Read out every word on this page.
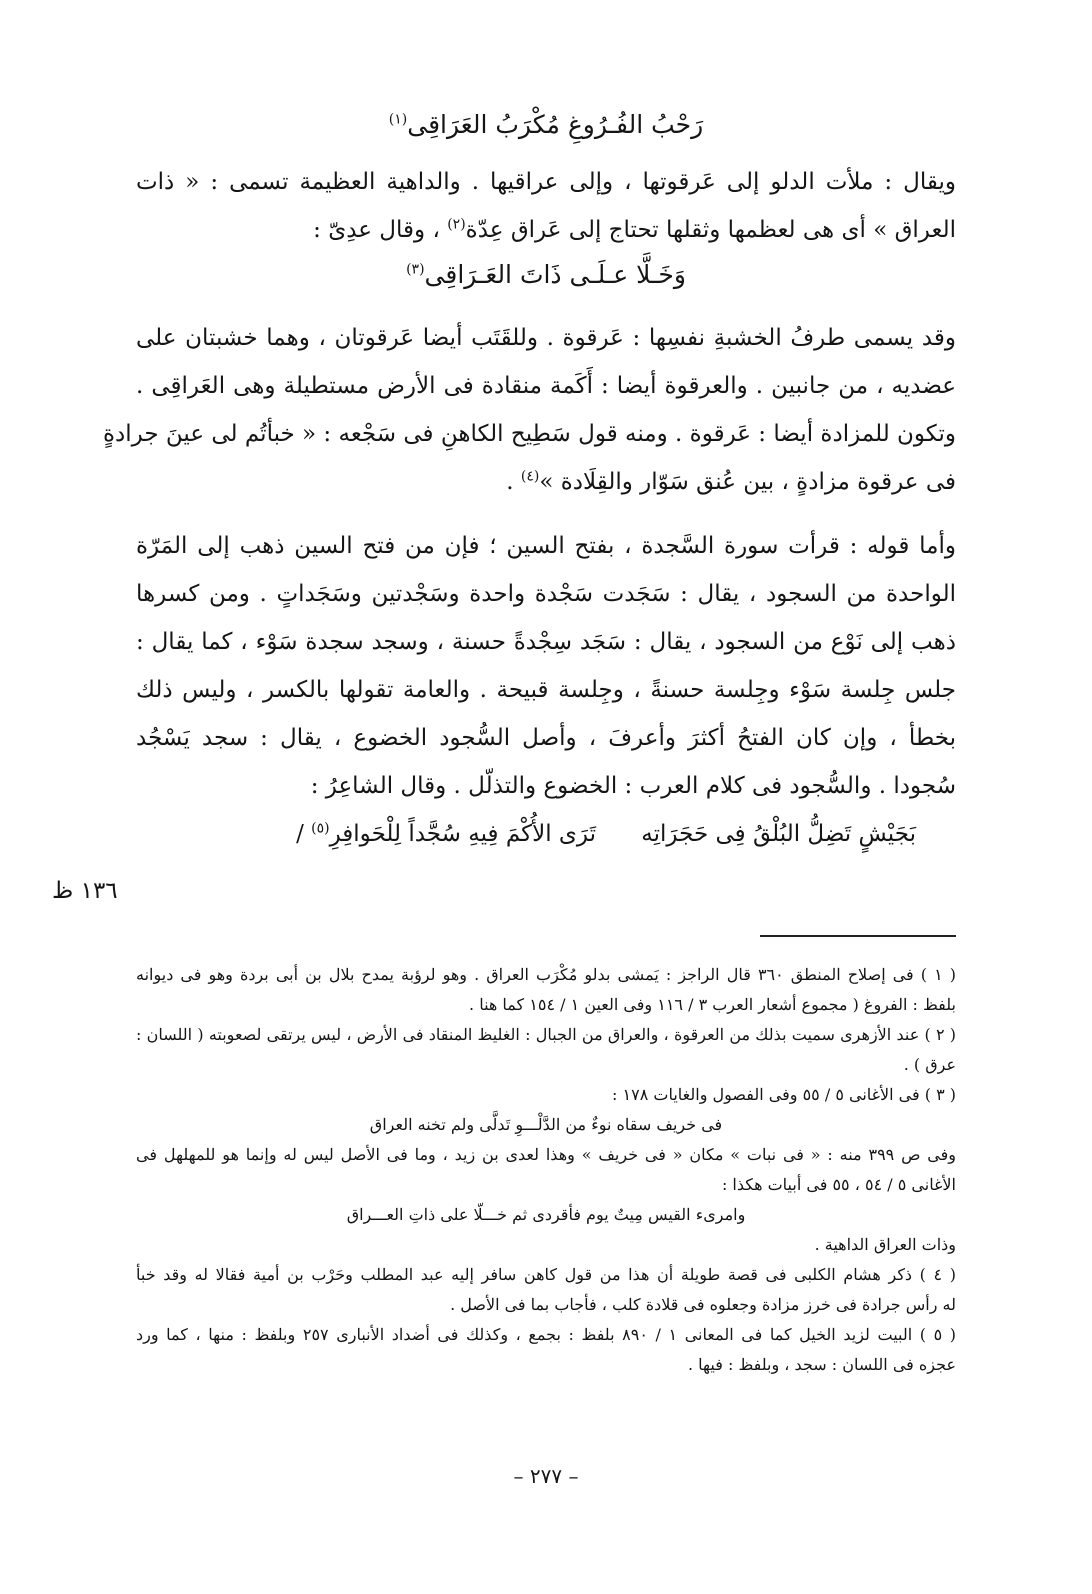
رَحْبُ الفُـرُوغِ مُكْرَبُ العَرَاقِى$^{(١)}$

ويقال : ملأت الدلو إلى عَرقوتها ، وإلى عراقيها . والداهية العظيمة تسمى : « ذات
العراق » أى هى لعظمها وثقلها تحتاج إلى عَراق عِدّة$^{(٢)}$ ، وقال عدِىّ :

وَخَـلَّا عـلَـى ذَاتَ العَـرَاقِى$^{(٣)}$

وقد يسمى طرفُ الخشبةِ نفسِها : عَرقوة . وللقَتَب أيضا عَرقوتان ، وهما خشبتان على
عضديه ، من جانبين . والعرقوة أيضا : أَكَمة منقادة فى الأرض مستطيلة وهى العَراقِى .
وتكون للمزادة أيضا : عَرقوة . ومنه قول سَطِيح الكاهنِ فى سَجْعه : « خبأتُم لى عينَ جرادةٍ
فى عرقوة مزادةٍ ، بين عُنق سَوّار والقِلَادة »$^{(٤)}$ .

وأما قوله : قرأت سورة السَّجدة ، بفتح السين ؛ فإن من فتح السين ذهب إلى المَرّة
الواحدة من السجود ، يقال : سَجَدت سَجْدة واحدة وسَجْدتين وسَجَداتٍ . ومن كسرها
ذهب إلى نَوْع من السجود ، يقال : سَجَد سِجْدةً حسنة ، وسجد سجدة سَوْء ، كما يقال :
جلس جِلسة سَوْء وجِلسة حسنةً ، وجِلسة قبيحة . والعامة تقولها بالكسر ، وليس ذلك
بخطأ ، وإن كان الفتحُ أكثرَ وأعرفَ ، وأصل السُّجود الخضوع ، يقال : سجد يَسْجُد
سُجودا . والسُّجود فى كلام العرب : الخضوع والتذلّل . وقال الشاعِرُ :

بَجَيْشٍ تَضِلُّ البُلْقُ فِى حَجَرَاتِه
تَرَى الأُكْمَ فِيهِ سُجَّداً لِلْحَوافِرِ$^{(٥)}$ /
١٣٦ ظ
( ١ ) فى إصلاح المنطق ٣٦٠ قال الراجز : يَمشى بدلو مُكْرَب العراق . وهو لرؤبة يمدح بلال بن أبى بردة وهو فى ديوانه
بلفظ : الفروغ ( مجموع أشعار العرب ٣ / ١١٦ وفى العين ١ / ١٥٤ كما هنا .
( ٢ ) عند الأزهرى سميت بذلك من العرقوة ، والعراق من الجبال : الغليظ المنقاد فى الأرض ، ليس يرتقى لصعوبته ( اللسان :
عرق ) .
( ٣ ) فى الأغانى ٥ / ٥٥ وفى الفصول والغايات ١٧٨ :
فى خريف سقاه نوءٌ من الدَّلْـــوِ تَدلَّى ولم تخنه العراق
وفى ص ٣٩٩ منه : « فى نبات » مكان « فى خريف » وهذا لعدى بن زيد ، وما فى الأصل ليس له وإنما هو للمهلهل فى
الأغانى ٥ / ٥٤ ، ٥٥ فى أبيات هكذا :
وامرىء القيس مِيتٌ يوم فأقردى ثم خـــلّا على ذاتِ العـــراق
وذات العراق الداهية .
( ٤ ) ذكر هشام الكلبى فى قصة طويلة أن هذا من قول كاهن سافر إليه عبد المطلب وحَرْب بن أمية فقالا له وقد خبأ
له رأس جرادة فى خرز مزادة وجعلوه فى قلادة كلب ، فأجاب بما فى الأصل .
( ٥ ) البيت لزيد الخيل كما فى المعانى ١ / ٨٩٠ بلفظ : بجمع ، وكذلك فى أضداد الأنبارى ٢٥٧ وبلفظ : منها ، كما ورد
عجزه فى اللسان : سجد ، وبلفظ : فيها .
– ٢٧٧ –
